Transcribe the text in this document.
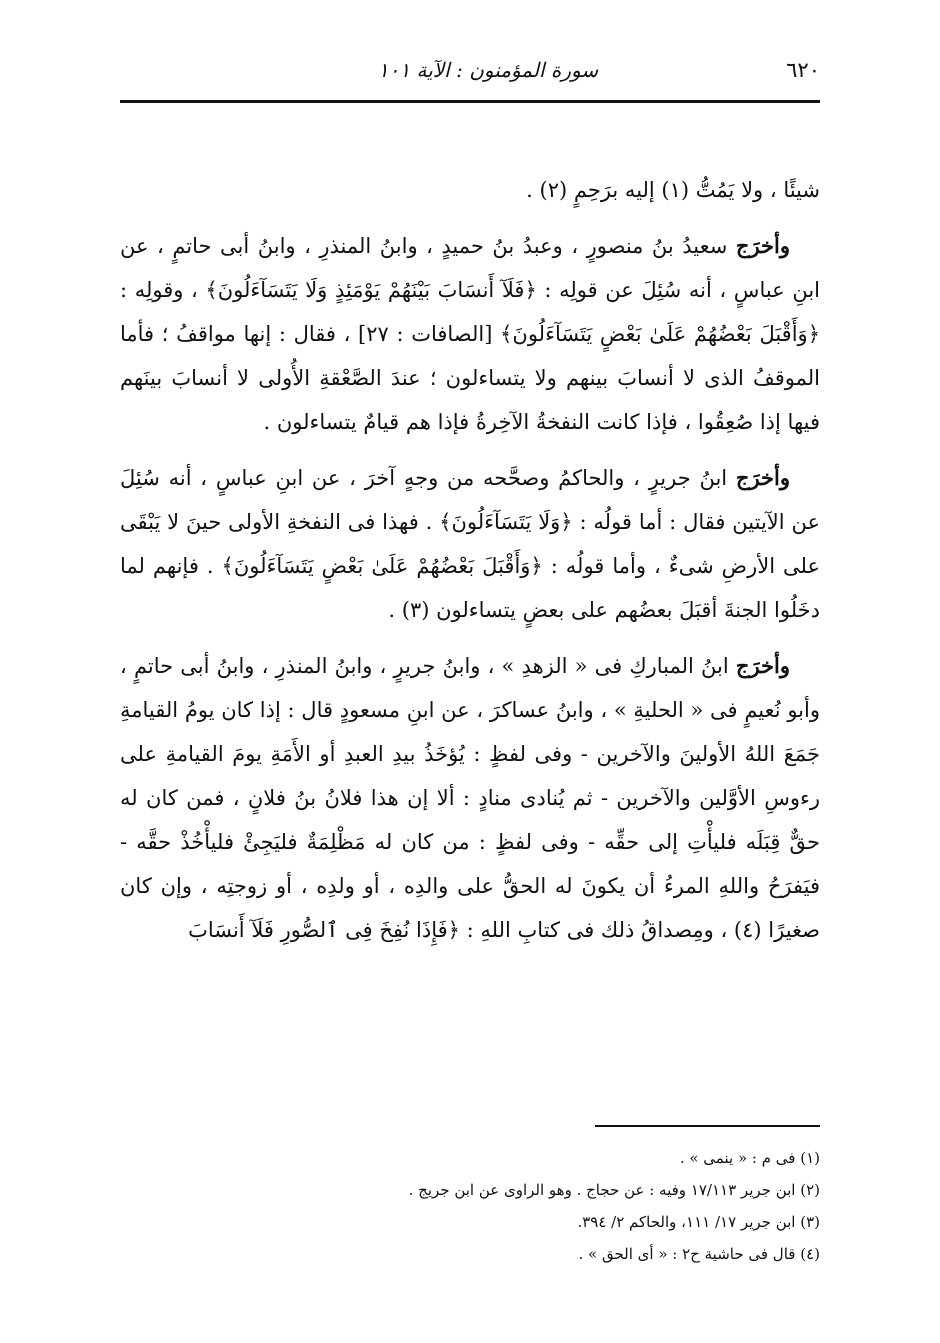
٦٢٠
سورة المؤمنون : الآية ١٠١

شيئًا ، ولا يَمُتُّ (١) إليه برَحِمٍ (٢) .

وأخرَج سعيدُ بنُ منصورٍ ، وعبدُ بنُ حميدٍ ، وابنُ المنذرِ ، وابنُ أبى حاتمٍ ، عن ابنِ عباسٍ ، أنه سُئِلَ عن قولِه : ﴿فَلَآ أَنسَابَ بَيْنَهُمْ يَوْمَئِذٍ وَلَا يَتَسَآءَلُونَ﴾ ، وقولِه : ﴿وَأَقْبَلَ بَعْضُهُمْ عَلَىٰ بَعْضٍ يَتَسَآءَلُونَ﴾ [الصافات : ٢٧] ، فقال : إنها مواقفُ ؛ فأما الموقفُ الذى لا أنسابَ بينهم ولا يتساءلون ؛ عندَ الصَّعْقةِ الأُولى لا أنسابَ بينَهم فيها إذا صُعِقُوا ، فإذا كانت النفخةُ الآخِرةُ فإذا هم قيامٌ يتساءلون .

وأخرَج ابنُ جريرٍ ، والحاكمُ وصحَّحه من وجهٍ آخرَ ، عن ابنِ عباسٍ ، أنه سُئِلَ عن الآيتين فقال : أما قولُه : ﴿وَلَا يَتَسَآءَلُونَ﴾ . فهذا فى النفخةِ الأولى حينَ لا يَبْقَى على الأرضِ شىءٌ ، وأما قولُه : ﴿وَأَقْبَلَ بَعْضُهُمْ عَلَىٰ بَعْضٍ يَتَسَآءَلُونَ﴾ . فإنهم لما دخَلُوا الجنةَ أقبَلَ بعضُهم على بعضٍ يتساءلون (٣) .

وأخرَج ابنُ المباركِ فى « الزهدِ » ، وابنُ جريرٍ ، وابنُ المنذرِ ، وابنُ أبى حاتمٍ ، وأبو نُعيمٍ فى « الحليةِ » ، وابنُ عساكرَ ، عن ابنِ مسعودٍ قال : إذا كان يومُ القيامةِ جَمَعَ اللهُ الأولينَ والآخرين - وفى لفظٍ : يُؤخَذُ بيدِ العبدِ أو الأَمَةِ يومَ القيامةِ على رءوسِ الأوَّلين والآخرين - ثم يُنادى منادٍ : ألا إن هذا فلانُ بنُ فلانٍ ، فمن كان له حقٌّ قِبَلَه فليأْتِ إلى حقِّه - وفى لفظٍ : من كان له مَظْلِمَةٌ فليَجِئْ فليأْخُذْ حقَّه - فيَفرَحُ واللهِ المرءُ أن يكونَ له الحقُّ على والدِه ، أو ولدِه ، أو زوجتِه ، وإن كان صغيرًا (٤) ، ومِصداقُ ذلك فى كتابِ اللهِ : ﴿فَإِذَا نُفِخَ فِى ٱلصُّورِ فَلَآ أَنسَابَ

(١) فى م : « ينمى » .

(٢) ابن جرير ١٧/١١٣ وفيه : عن حجاج . وهو الراوى عن ابن جريج .

(٣) ابن جرير ١٧/ ١١١، والحاكم ٢/ ٣٩٤.

(٤) قال فى حاشية ح٢ : « أى الحق » .
